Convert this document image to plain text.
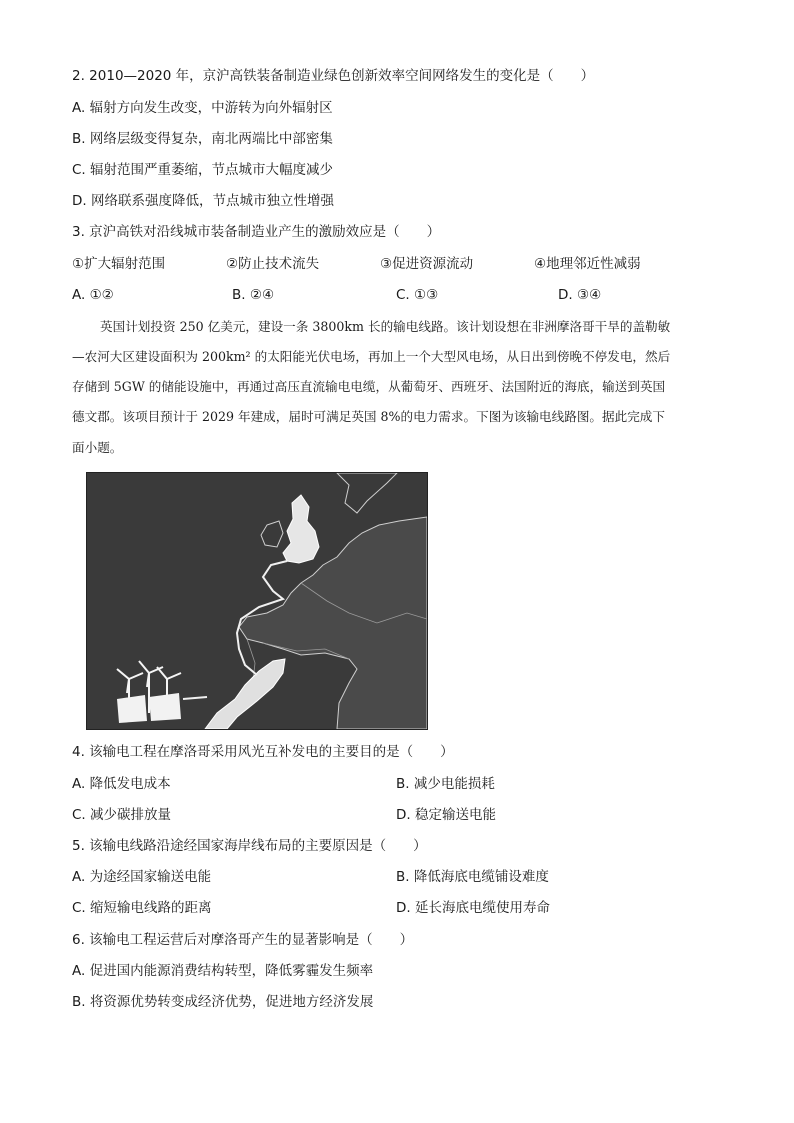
2. 2010—2020 年，京沪高铁装备制造业绿色创新效率空间网络发生的变化是（　　）
A. 辐射方向发生改变，中游转为向外辐射区
B. 网络层级变得复杂，南北两端比中部密集
C. 辐射范围严重萎缩，节点城市大幅度减少
D. 网络联系强度降低，节点城市独立性增强
3. 京沪高铁对沿线城市装备制造业产生的激励效应是（　　）
①扩大辐射范围	②防止技术流失	③促进资源流动	④地理邻近性减弱
A. ①②	B. ②④	C. ①③	D. ③④
英国计划投资 250 亿美元，建设一条 3800km 长的输电线路。该计划设想在非洲摩洛哥干旱的盖勒敏
—农河大区建设面积为 200km² 的太阳能光伏电场，再加上一个大型风电场，从日出到傍晚不停发电，然后
存储到 5GW 的储能设施中，再通过高压直流输电电缆，从葡萄牙、西班牙、法国附近的海底，输送到英国
德文郡。该项目预计于 2029 年建成，届时可满足英国 8%的电力需求。下图为该输电线路图。据此完成下
面小题。
4. 该输电工程在摩洛哥采用风光互补发电的主要目的是（　　）
A. 降低发电成本	B. 减少电能损耗
C. 减少碳排放量	D. 稳定输送电能
5. 该输电线路沿途经国家海岸线布局的主要原因是（　　）
A. 为途经国家输送电能	B. 降低海底电缆铺设难度
C. 缩短输电线路的距离	D. 延长海底电缆使用寿命
6. 该输电工程运营后对摩洛哥产生的显著影响是（　　）
A. 促进国内能源消费结构转型，降低雾霾发生频率
B. 将资源优势转变成经济优势，促进地方经济发展
